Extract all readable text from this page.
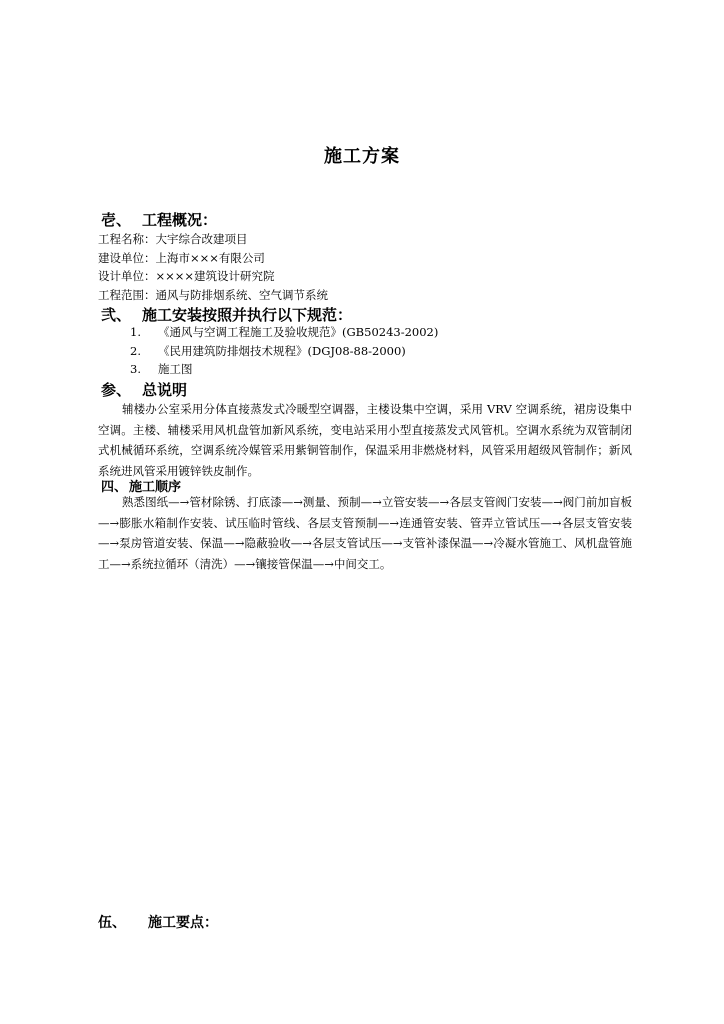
施工方案
壱、 工程概况：
工程名称：大宇综合改建项目
建设单位：上海市×××有限公司
设计单位：××××建筑设计研究院
工程范围：通风与防排烟系统、空气调节系统
弐、 施工安装按照并执行以下规范：
1. 《通风与空调工程施工及验收规范》(GB50243-2002)
2. 《民用建筑防排烟技术规程》(DGJ08-88-2000)
3. 施工图
参、 总说明
辅楼办公室采用分体直接蒸发式冷暖型空调器，主楼设集中空调，采用 VRV 空调系统，裙房设集中空调。主楼、辅楼采用风机盘管加新风系统，变电站采用小型直接蒸发式风管机。空调水系统为双管制闭式机械循环系统，空调系统冷媒管采用紫铜管制作，保温采用非燃烧材料，风管采用超级风管制作；新风系统进风管采用镀锌铁皮制作。
四、 施工顺序
熟悉图纸—→管材除锈、打底漆—→测量、预制—→立管安装—→各层支管阀门安装—→阀门前加盲板—→膨胀水箱制作安装、试压临时管线、各层支管预制—→连通管安装、管弄立管试压—→各层支管安装—→泵房管道安装、保温—→隐蔽验收—→各层支管试压—→支管补漆保温—→冷凝水管施工、风机盘管施工—→系统拉循环（清洗）—→镶接管保温—→中间交工。
伍、 施工要点：
